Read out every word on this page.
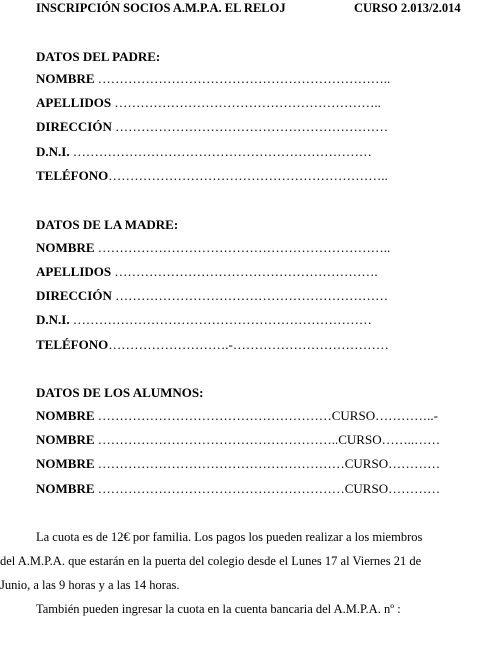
INSCRIPCIÓN SOCIOS A.M.P.A. EL RELOJ	CURSO 2.013/2.014
DATOS DEL PADRE:
NOMBRE …………………………………………………………..
APELLIDOS ……………………………………………………..
DIRECCIÓN ………………………………………………………
D.N.I. ……………………………………………………………
TELÉFONO………………………………………………………..
DATOS DE LA MADRE:
NOMBRE …………………………………………………………..
APELLIDOS …………………………………………………….
DIRECCIÓN ………………………………………………………
D.N.I. ……………………………………………………………
TELÉFONO……………………….-………………………………
DATOS DE LOS ALUMNOS:
NOMBRE ………………………………………………CURSO…………..-
NOMBRE ………………………………………………..CURSO……..……
NOMBRE …………………………………………………CURSO…………
NOMBRE …………………………………………………CURSO…………
La cuota es de 12€ por familia. Los pagos los pueden realizar a los miembros
del A.M.P.A. que estarán en la puerta del colegio desde el Lunes 17 al Viernes 21 de
Junio, a las 9 horas y a las 14 horas.
También pueden ingresar la cuota en la cuenta bancaria del A.M.P.A. nº :
